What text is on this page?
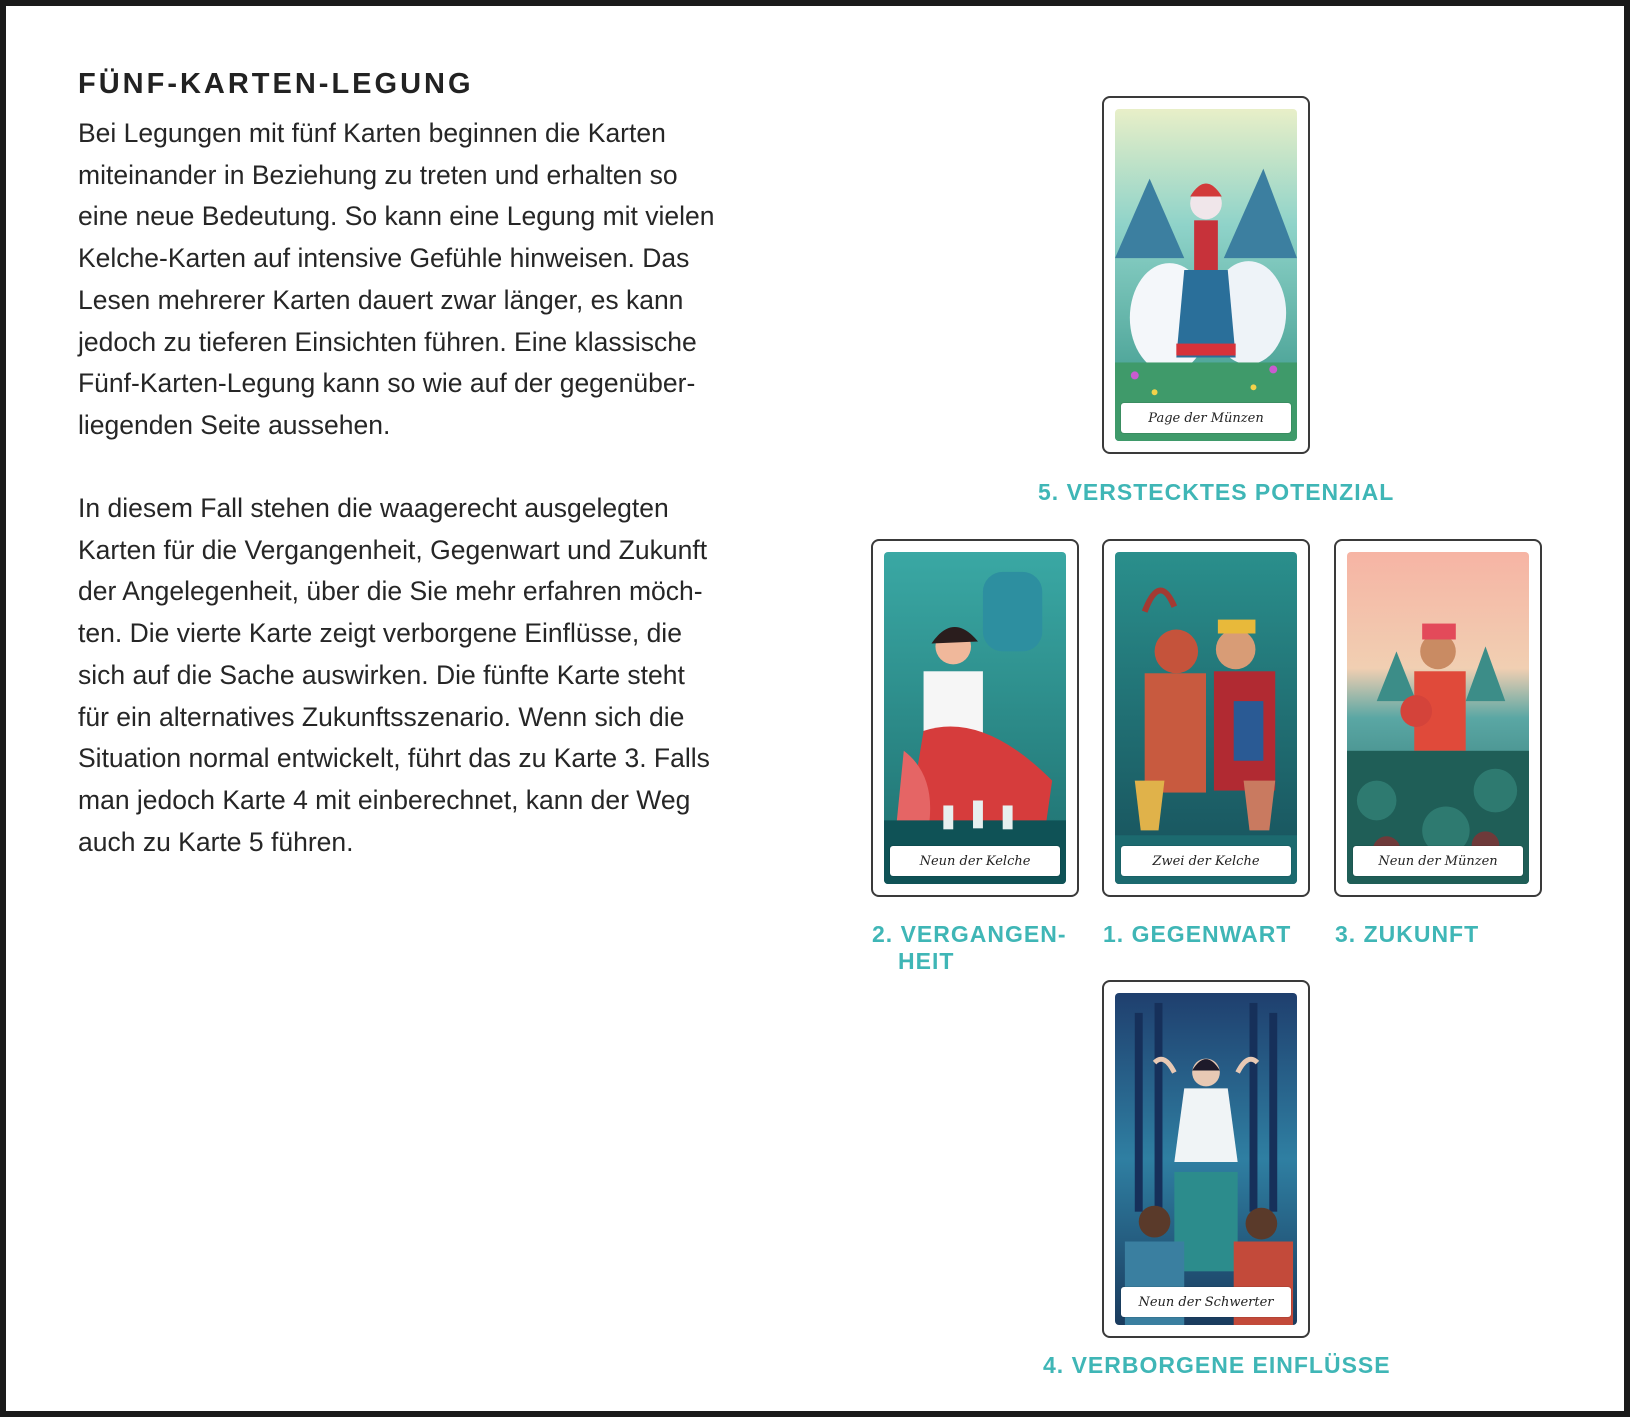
FÜNF-KARTEN-LEGUNG

Bei Legungen mit fünf Karten beginnen die Karten
miteinander in Beziehung zu treten und erhalten so
eine neue Bedeutung. So kann eine Legung mit vielen
Kelche-Karten auf intensive Gefühle hinweisen. Das
Lesen mehrerer Karten dauert zwar länger, es kann
jedoch zu tieferen Einsichten führen. Eine klassische
Fünf-Karten-Legung kann so wie auf der gegenüber-
liegenden Seite aussehen.

In diesem Fall stehen die waagerecht ausgelegten
Karten für die Vergangenheit, Gegenwart und Zukunft
der Angelegenheit, über die Sie mehr erfahren möch-
ten. Die vierte Karte zeigt verborgene Einflüsse, die
sich auf die Sache auswirken. Die fünfte Karte steht
für ein alternatives Zukunftsszenario. Wenn sich die
Situation normal entwickelt, führt das zu Karte 3. Falls
man jedoch Karte 4 mit einberechnet, kann der Weg
auch zu Karte 5 führen.

Page der Münzen
5. VERSTECKTES POTENZIAL
Neun der Kelche
2. VERGANGEN-
HEIT
Zwei der Kelche
1. GEGENWART
Neun der Münzen
3. ZUKUNFT
Neun der Schwerter
4. VERBORGENE EINFLÜSSE
